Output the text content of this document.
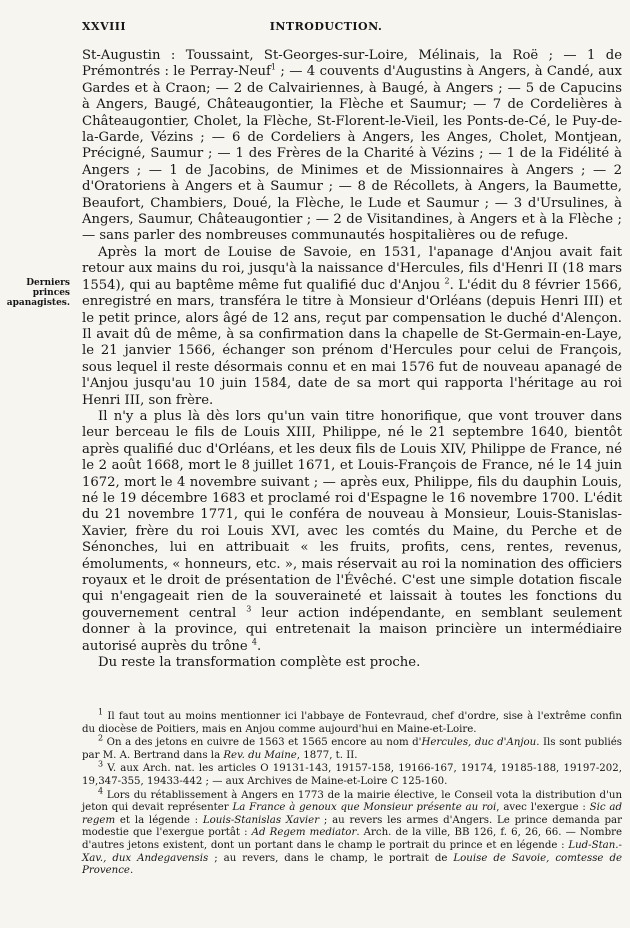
XXVIII	INTRODUCTION.
Derniers
princes
apanagistes.

St-Augustin : Toussaint, St-Georges-sur-Loire, Mélinais, la Roë ; — 1 de Prémontrés : le Perray-Neuf$^1$ ; — 4 couvents d'Augustins à Angers, à Candé, aux Gardes et à Craon; — 2 de Calvairiennes, à Baugé, à Angers ; — 5 de Capucins à Angers, Baugé, Châteaugontier, la Flèche et Saumur; — 7 de Cordelières à Châteaugontier, Cholet, la Flèche, St-Florent-le-Vieil, les Ponts-de-Cé, le Puy-de-la-Garde, Vézins ; — 6 de Cordeliers à Angers, les Anges, Cholet, Montjean, Précigné, Saumur ; — 1 des Frères de la Charité à Vézins ; — 1 de la Fidélité à Angers ; — 1 de Jacobins, de Minimes et de Missionnaires à Angers ; — 2 d'Oratoriens à Angers et à Saumur ; — 8 de Récollets, à Angers, la Baumette, Beaufort, Chambiers, Doué, la Flèche, le Lude et Saumur ; — 3 d'Ursulines, à Angers, Saumur, Châteaugontier ; — 2 de Visitandines, à Angers et à la Flèche ; — sans parler des nombreuses communautés hospitalières ou de refuge.

Après la mort de Louise de Savoie, en 1531, l'apanage d'Anjou avait fait retour aux mains du roi, jusqu'à la naissance d'Hercules, fils d'Henri II (18 mars 1554), qui au baptême même fut qualifié duc d'Anjou $^2$. L'édit du 8 février 1566, enregistré en mars, transféra le titre à Monsieur d'Orléans (depuis Henri III) et le petit prince, alors âgé de 12 ans, reçut par compensation le duché d'Alençon. Il avait dû de même, à sa confirmation dans la chapelle de St-Germain-en-Laye, le 21 janvier 1566, échanger son prénom d'Hercules pour celui de François, sous lequel il reste désormais connu et en mai 1576 fut de nouveau apanagé de l'Anjou jusqu'au 10 juin 1584, date de sa mort qui rapporta l'héritage au roi Henri III, son frère.

Il n'y a plus là dès lors qu'un vain titre honorifique, que vont trouver dans leur berceau le fils de Louis XIII, Philippe, né le 21 septembre 1640, bientôt après qualifié duc d'Orléans, et les deux fils de Louis XIV, Philippe de France, né le 2 août 1668, mort le 8 juillet 1671, et Louis-François de France, né le 14 juin 1672, mort le 4 novembre suivant ; — après eux, Philippe, fils du dauphin Louis, né le 19 décembre 1683 et proclamé roi d'Espagne le 16 novembre 1700. L'édit du 21 novembre 1771, qui le conféra de nouveau à Monsieur, Louis-Stanislas-Xavier, frère du roi Louis XVI, avec les comtés du Maine, du Perche et de Sénonches, lui en attribuait « les fruits, profits, cens, rentes, revenus, émoluments, « honneurs, etc. », mais réservait au roi la nomination des officiers royaux et le droit de présentation de l'Évêché. C'est une simple dotation fiscale qui n'engageait rien de la souveraineté et laissait à toutes les fonctions du gouvernement central $^3$ leur action indépendante, en semblant seulement donner à la province, qui entretenait la maison princière un intermédiaire autorisé auprès du trône $^4$.

Du reste la transformation complète est proche.

$^1$ Il faut tout au moins mentionner ici l'abbaye de Fontevraud, chef d'ordre, sise à l'extrême confin du diocèse de Poitiers, mais en Anjou comme aujourd'hui en Maine-et-Loire.

$^2$ On a des jetons en cuivre de 1563 et 1565 encore au nom d'Hercules, duc d'Anjou. Ils sont publiés par M. A. Bertrand dans la Rev. du Maine, 1877, t. II.

$^3$ V. aux Arch. nat. les articles O 19131-143, 19157-158, 19166-167, 19174, 19185-188, 19197-202, 19,347-355, 19433-442 ; — aux Archives de Maine-et-Loire C 125-160.

$^4$ Lors du rétablissement à Angers en 1773 de la mairie élective, le Conseil vota la distribution d'un jeton qui devait représenter La France à genoux que Monsieur présente au roi, avec l'exergue : Sic ad regem et la légende : Louis-Stanislas Xavier ; au revers les armes d'Angers. Le prince demanda par modestie que l'exergue portât : Ad Regem mediator. Arch. de la ville, BB 126, f. 6, 26, 66. — Nombre d'autres jetons existent, dont un portant dans le champ le portrait du prince et en légende : Lud-Stan.-Xav., dux Andegavensis ; au revers, dans le champ, le portrait de Louise de Savoie, comtesse de Provence.
